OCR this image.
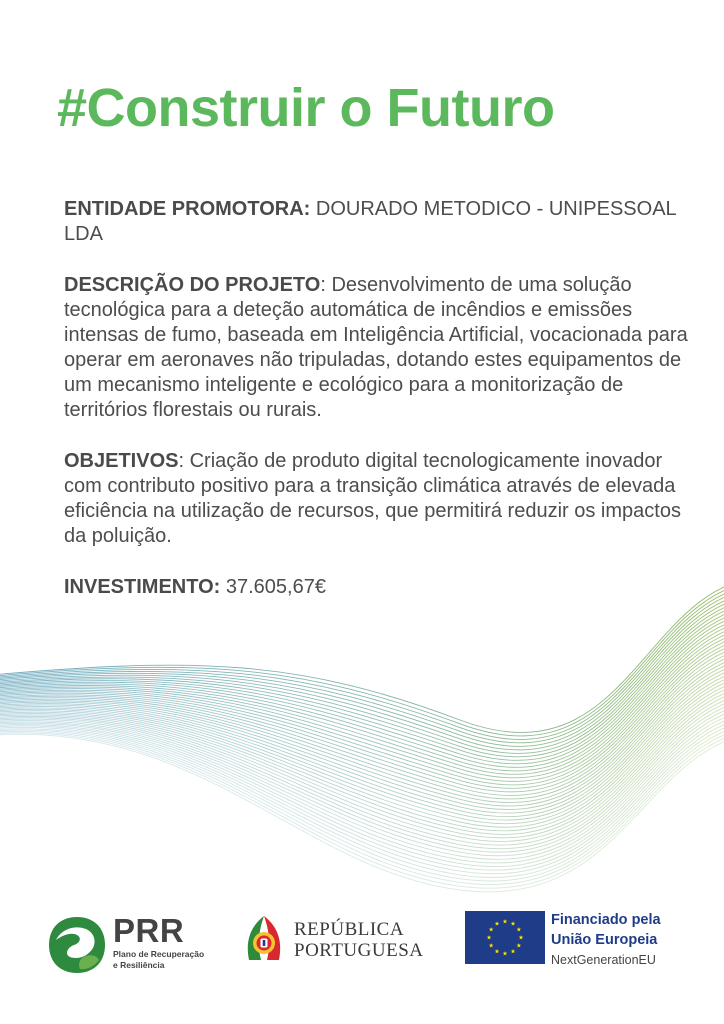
#Construir o Futuro

ENTIDADE PROMOTORA: DOURADO METODICO - UNIPESSOAL LDA

DESCRIÇÃO DO PROJETO: Desenvolvimento de uma solução tecnológica para a deteção automática de incêndios e emissões intensas de fumo, baseada em Inteligência Artificial, vocacionada para operar em aeronaves não tripuladas, dotando estes equipamentos de um mecanismo inteligente e ecológico para a monitorização de territórios florestais ou rurais.

OBJETIVOS: Criação de produto digital tecnologicamente inovador com contributo positivo para a transição climática através de elevada eficiência na utilização de recursos, que permitirá reduzir os impactos da poluição.

INVESTIMENTO: 37.605,67€

PRR
Plano de Recuperação
e Resiliência
REPÚBLICA
PORTUGUESA
Financiado pela
União Europeia
NextGenerationEU
